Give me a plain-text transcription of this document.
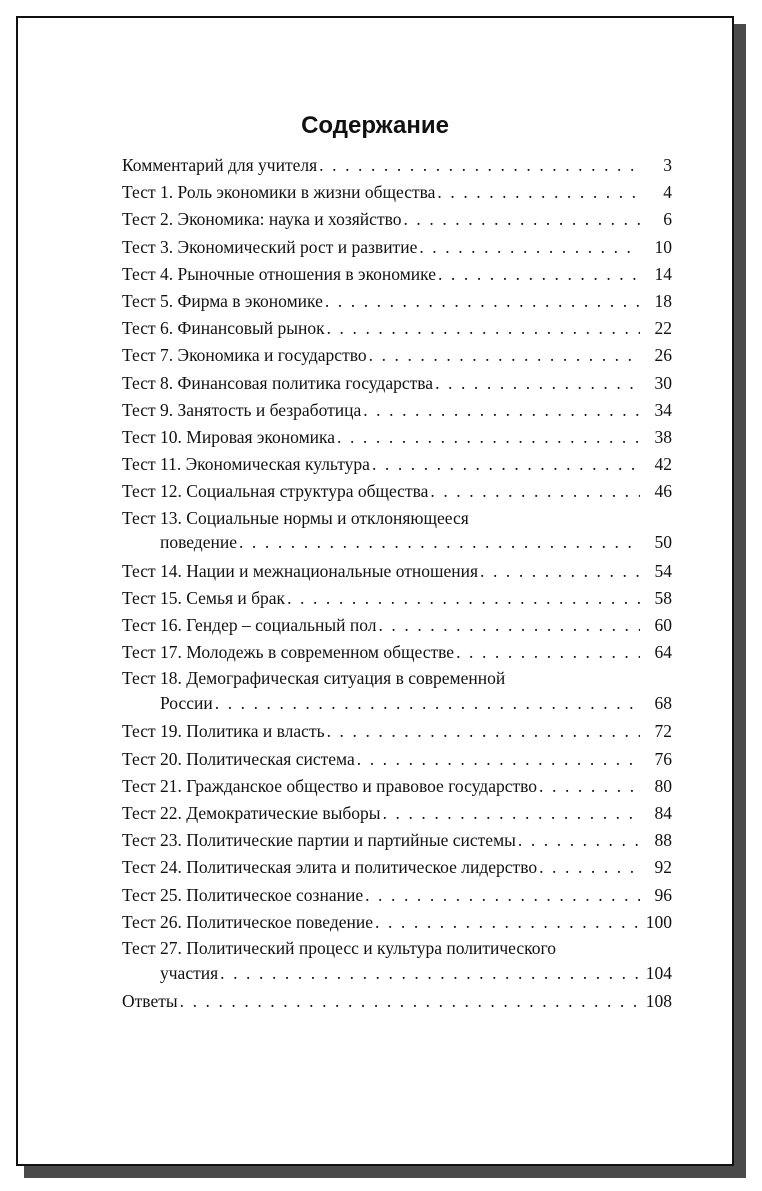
Содержание
Комментарий для учителя . . .	3
Тест 1. Роль экономики в жизни общества . . .	4
Тест 2. Экономика: наука и хозяйство . . .	6
Тест 3. Экономический рост и развитие . . .	10
Тест 4. Рыночные отношения в экономике . . .	14
Тест 5. Фирма в экономике . . .	18
Тест 6. Финансовый рынок . . .	22
Тест 7. Экономика и государство . . .	26
Тест 8. Финансовая политика государства . . .	30
Тест 9. Занятость и безработица . . .	34
Тест 10. Мировая экономика . . .	38
Тест 11. Экономическая культура . . .	42
Тест 12. Социальная структура общества . . .	46
Тест 13. Социальные нормы и отклоняющееся
поведение . . .	50
Тест 14. Нации и межнациональные отношения . . .	54
Тест 15. Семья и брак . . .	58
Тест 16. Гендер – социальный пол . . .	60
Тест 17. Молодежь в современном обществе . . .	64
Тест 18. Демографическая ситуация в современной
России . . .	68
Тест 19. Политика и власть . . .	72
Тест 20. Политическая система . . .	76
Тест 21. Гражданское общество и правовое государство . . .	80
Тест 22. Демократические выборы . . .	84
Тест 23. Политические партии и партийные системы . . .	88
Тест 24. Политическая элита и политическое лидерство . . .	92
Тест 25. Политическое сознание . . .	96
Тест 26. Политическое поведение . . .	100
Тест 27. Политический процесс и культура политического
участия . . .	104
Ответы . . .	108
